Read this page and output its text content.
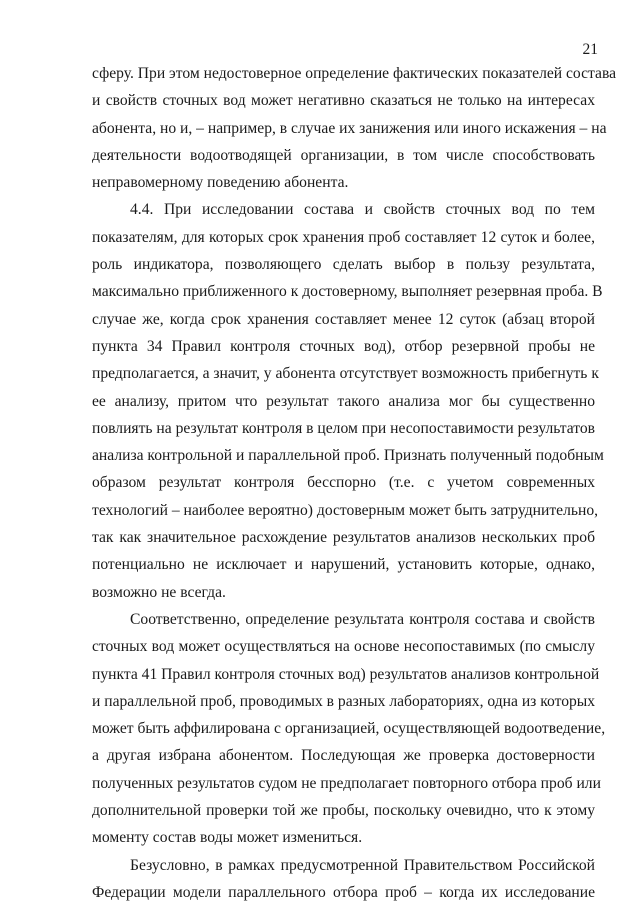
21
сферу. При этом недостоверное определение фактических показателей состава
и свойств сточных вод может негативно сказаться не только на интересах
абонента, но и, – например, в случае их занижения или иного искажения – на
деятельности водоотводящей организации, в том числе способствовать
неправомерному поведению абонента.
4.4. При исследовании состава и свойств сточных вод по тем
показателям, для которых срок хранения проб составляет 12 суток и более,
роль индикатора, позволяющего сделать выбор в пользу результата,
максимально приближенного к достоверному, выполняет резервная проба. В
случае же, когда срок хранения составляет менее 12 суток (абзац второй
пункта 34 Правил контроля сточных вод), отбор резервной пробы не
предполагается, а значит, у абонента отсутствует возможность прибегнуть к
ее анализу, притом что результат такого анализа мог бы существенно
повлиять на результат контроля в целом при несопоставимости результатов
анализа контрольной и параллельной проб. Признать полученный подобным
образом результат контроля бесспорно (т.е. с учетом современных
технологий – наиболее вероятно) достоверным может быть затруднительно,
так как значительное расхождение результатов анализов нескольких проб
потенциально не исключает и нарушений, установить которые, однако,
возможно не всегда.
Соответственно, определение результата контроля состава и свойств
сточных вод может осуществляться на основе несопоставимых (по смыслу
пункта 41 Правил контроля сточных вод) результатов анализов контрольной
и параллельной проб, проводимых в разных лабораториях, одна из которых
может быть аффилирована с организацией, осуществляющей водоотведение,
а другая избрана абонентом. Последующая же проверка достоверности
полученных результатов судом не предполагает повторного отбора проб или
дополнительной проверки той же пробы, поскольку очевидно, что к этому
моменту состав воды может измениться.
Безусловно, в рамках предусмотренной Правительством Российской
Федерации модели параллельного отбора проб – когда их исследование
